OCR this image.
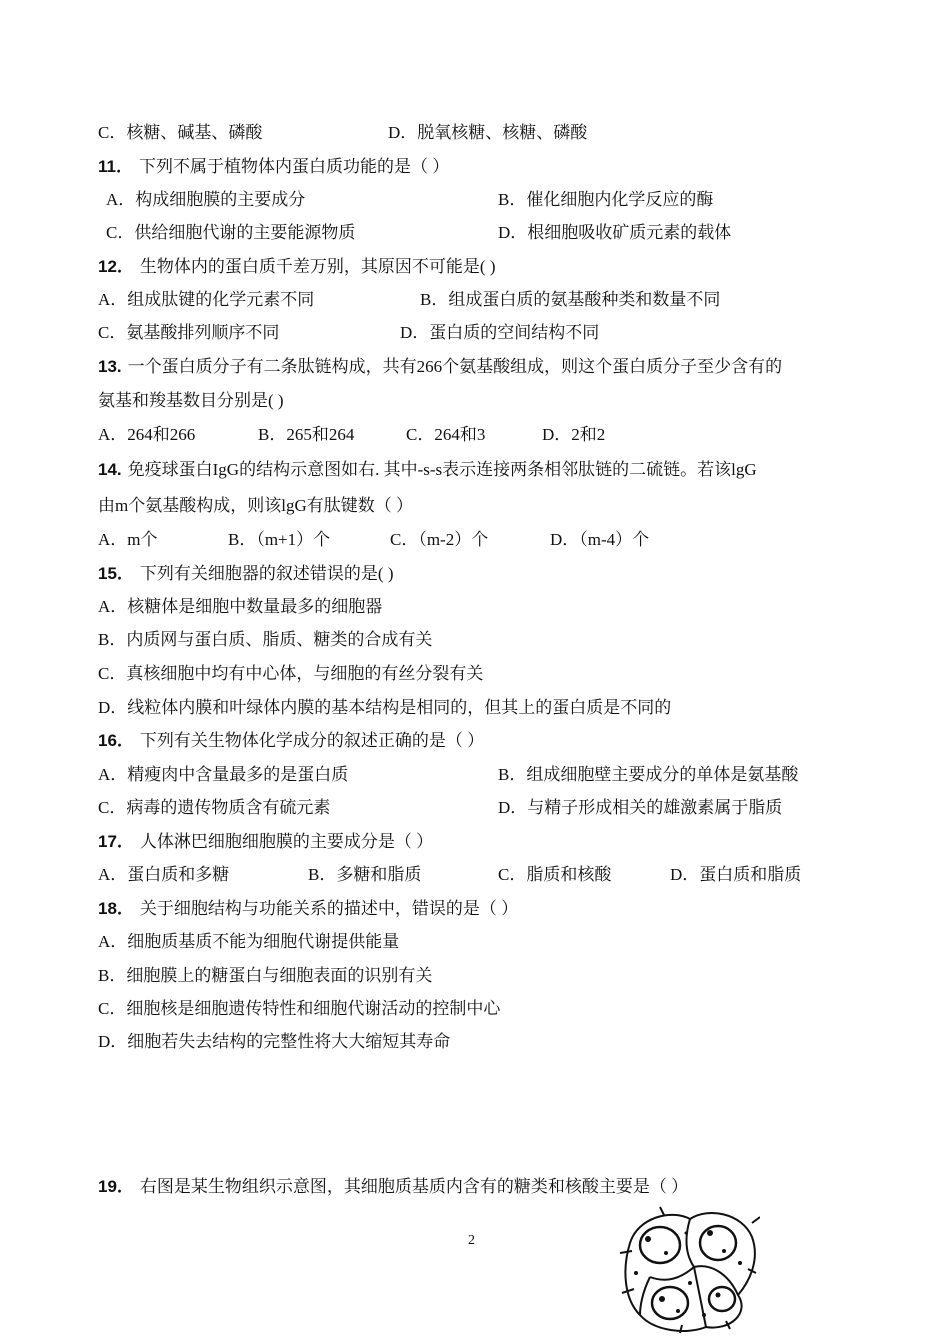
C．核糖、碱基、磷酸	D．脱氧核糖、核糖、磷酸
11． 下列不属于植物体内蛋白质功能的是（ ）
A．构成细胞膜的主要成分	B．催化细胞内化学反应的酶
C．供给细胞代谢的主要能源物质	D．根细胞吸收矿质元素的载体
12． 生物体内的蛋白质千差万别，其原因不可能是( )
A．组成肽键的化学元素不同	B．组成蛋白质的氨基酸种类和数量不同
C．氨基酸排列顺序不同	D．蛋白质的空间结构不同
13. 一个蛋白质分子有二条肽链构成，共有266个氨基酸组成，则这个蛋白质分子至少含有的
氨基和羧基数目分别是( )
A．264和266	B．265和264	C．264和3	D．2和2
14. 免疫球蛋白IgG的结构示意图如右. 其中-s-s表示连接两条相邻肽链的二硫链。若该lgG
由m个氨基酸构成，则该lgG有肽键数（ ）
A．m个	B．（m+1）个	C．（m-2）个	D．（m-4）个
15． 下列有关细胞器的叙述错误的是( )
A．核糖体是细胞中数量最多的细胞器
B．内质网与蛋白质、脂质、糖类的合成有关
C．真核细胞中均有中心体，与细胞的有丝分裂有关
D．线粒体内膜和叶绿体内膜的基本结构是相同的，但其上的蛋白质是不同的
16． 下列有关生物体化学成分的叙述正确的是（ ）
A．精瘦肉中含量最多的是蛋白质	B．组成细胞壁主要成分的单体是氨基酸
C．病毒的遗传物质含有硫元素	D．与精子形成相关的雄激素属于脂质
17． 人体淋巴细胞细胞膜的主要成分是（ ）
A．蛋白质和多糖	B．多糖和脂质	C．脂质和核酸	D．蛋白质和脂质
18． 关于细胞结构与功能关系的描述中，错误的是（ ）
A．细胞质基质不能为细胞代谢提供能量
B．细胞膜上的糖蛋白与细胞表面的识别有关
C．细胞核是细胞遗传特性和细胞代谢活动的控制中心
D．细胞若失去结构的完整性将大大缩短其寿命
19． 右图是某生物组织示意图，其细胞质基质内含有的糖类和核酸主要是（ ）
2
